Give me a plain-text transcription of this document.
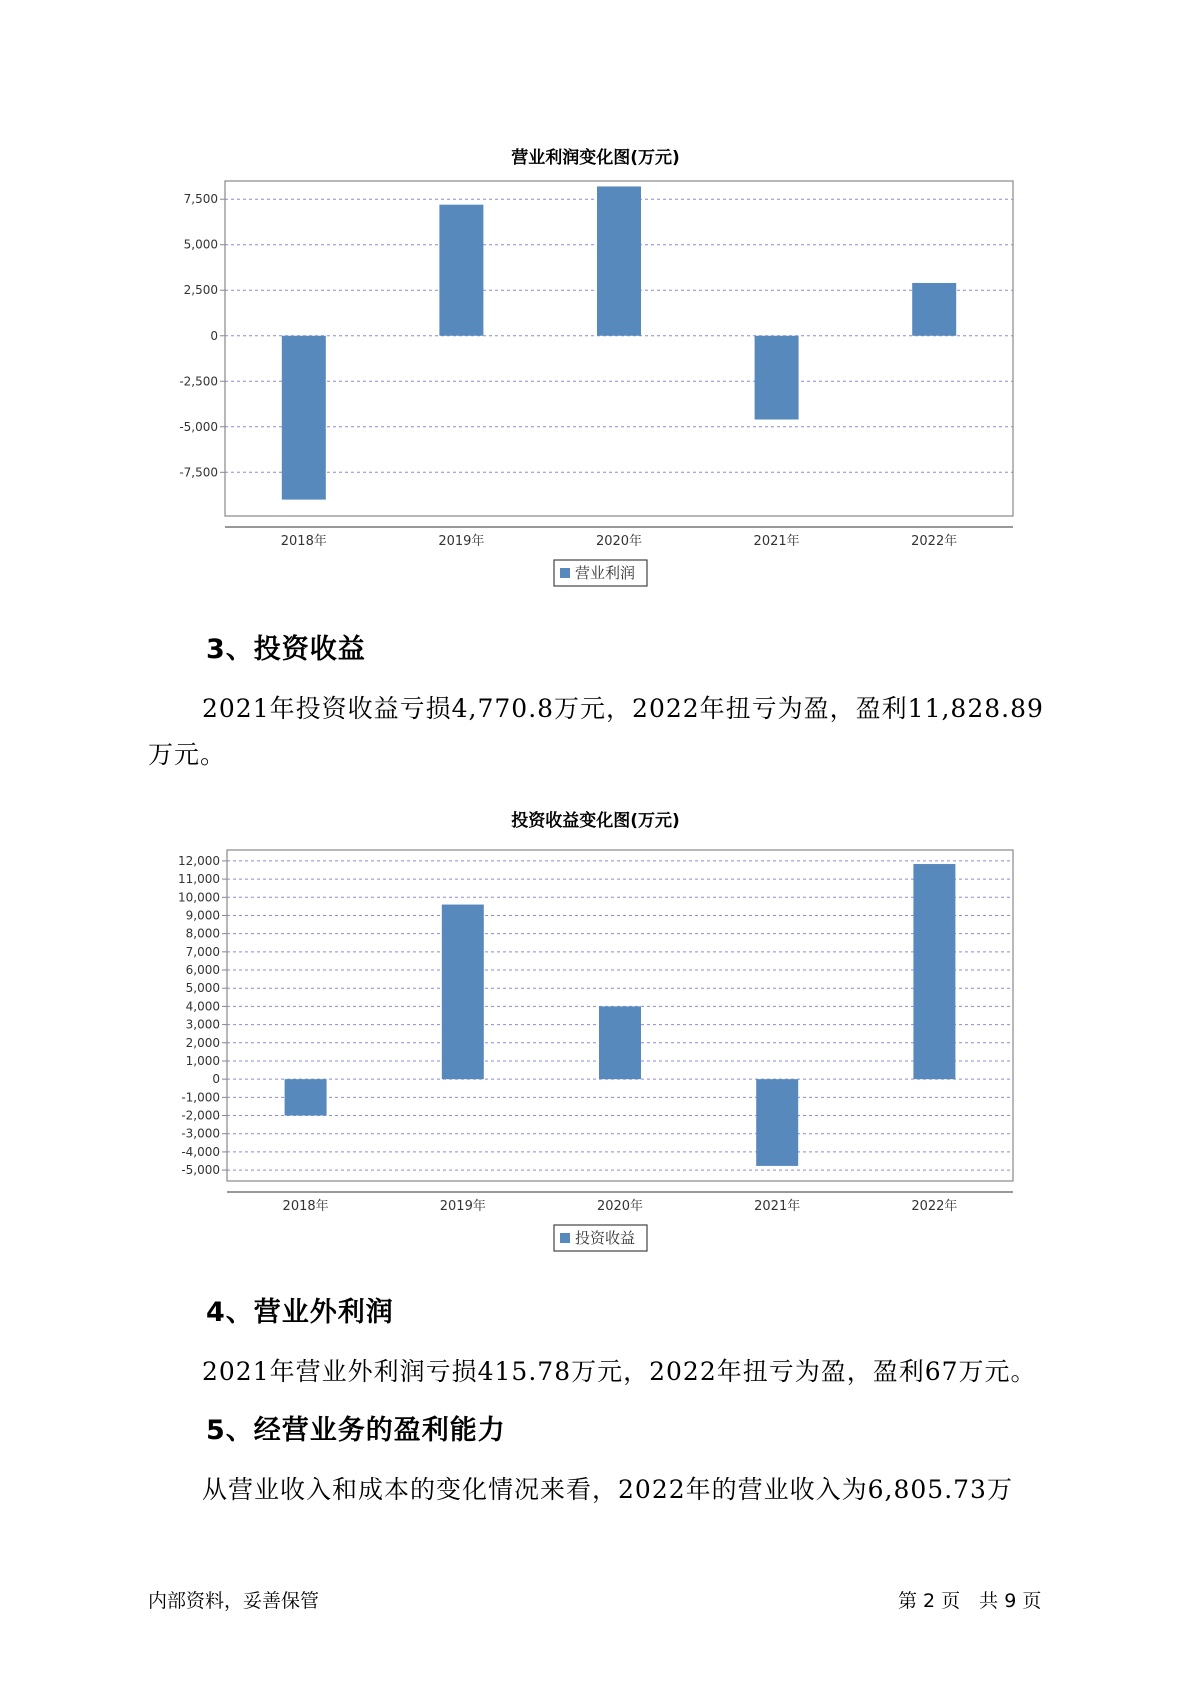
营业利润变化图(万元)
7,500
5,000
2,500
0
-2,500
-5,000
-7,500
2018年	2019年	2020年	2021年	2022年
营业利润
3、投资收益

2021年投资收益亏损4,770.8万元，2022年扭亏为盈，盈利11,828.89万元。

投资收益变化图(万元)
12,000
11,000
10,000
9,000
8,000
7,000
6,000
5,000
4,000
3,000
2,000
1,000
0
-1,000
-2,000
-3,000
-4,000
-5,000
2018年	2019年	2020年	2021年	2022年
投资收益
4、营业外利润

2021年营业外利润亏损415.78万元，2022年扭亏为盈，盈利67万元。

5、经营业务的盈利能力

从营业收入和成本的变化情况来看，2022年的营业收入为6,805.73万

内部资料，妥善保管	第 2 页　共 9 页
